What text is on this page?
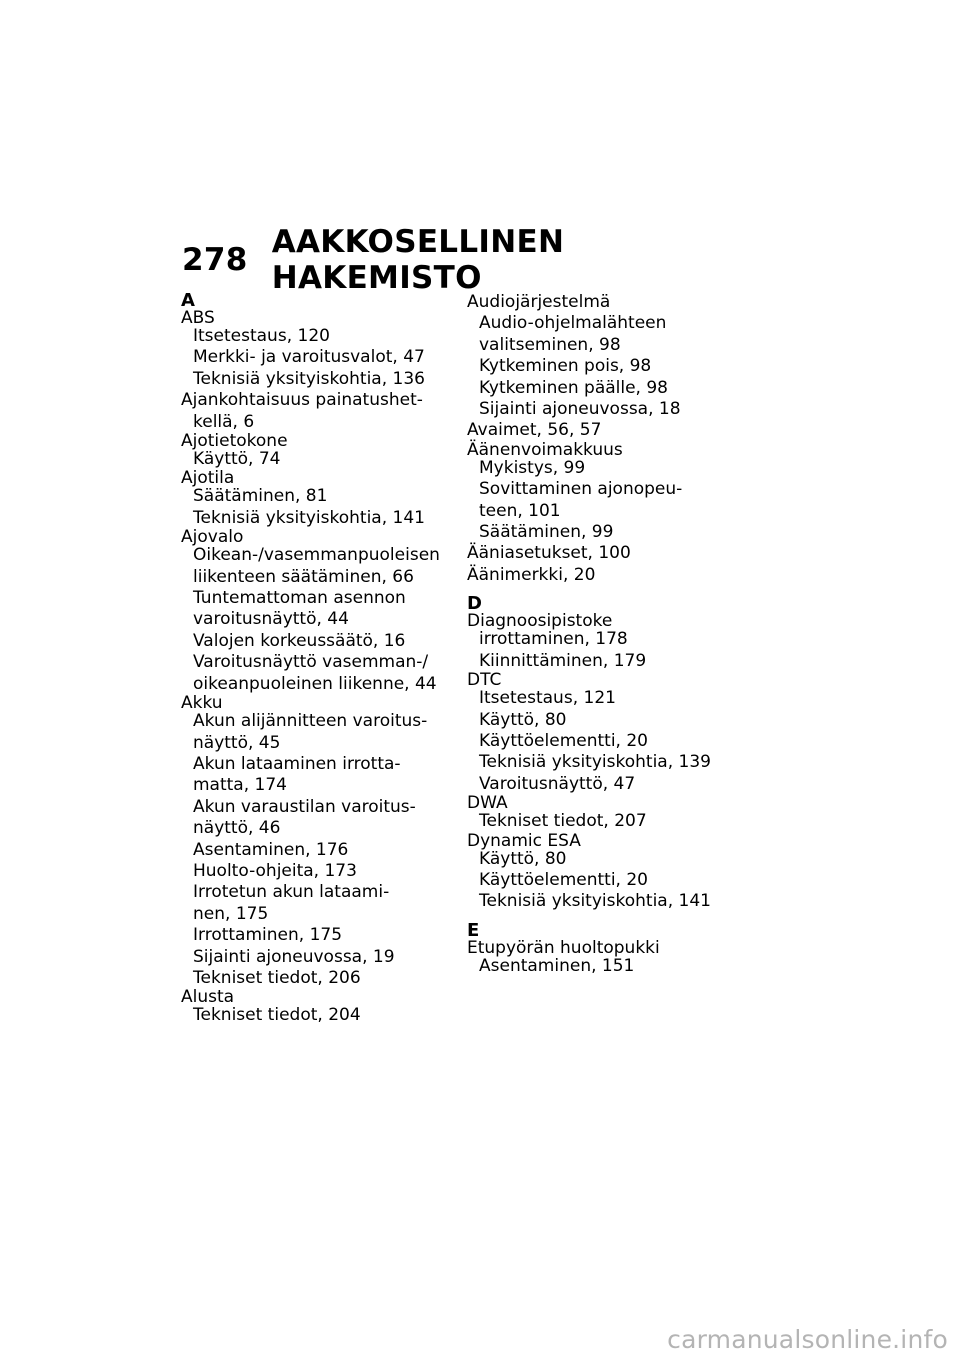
278 AAKKOSELLINEN HAKEMISTO
A
ABS
Itsetestaus, 120
Merkki- ja varoitusvalot, 47
Teknisiä yksityiskohtia, 136
Ajankohtaisuus painatushet-
kellä, 6
Ajotietokone
Käyttö, 74
Ajotila
Säätäminen, 81
Teknisiä yksityiskohtia, 141
Ajovalo
Oikean-/vasemmanpuoleisen
liikenteen säätäminen, 66
Tuntemattoman asennon
varoitusnäyttö, 44
Valojen korkeussäätö, 16
Varoitusnäyttö vasemman-/
oikeanpuoleinen liikenne, 44
Akku
Akun alijännitteen varoitus-
näyttö, 45
Akun lataaminen irrotta-
matta, 174
Akun varaustilan varoitus-
näyttö, 46
Asentaminen, 176
Huolto-ohjeita, 173
Irrotetun akun lataami-
nen, 175
Irrottaminen, 175
Sijainti ajoneuvossa, 19
Tekniset tiedot, 206
Alusta
Tekniset tiedot, 204
Audiojärjestelmä
Audio-ohjelmalähteen
valitseminen, 98
Kytkeminen pois, 98
Kytkeminen päälle, 98
Sijainti ajoneuvossa, 18
Avaimet, 56, 57
Äänenvoimakkuus
Mykistys, 99
Sovittaminen ajonopeu-
teen, 101
Säätäminen, 99
Ääniasetukset, 100
Äänimerkki, 20
D
Diagnoosipistoke
irrottaminen, 178
Kiinnittäminen, 179
DTC
Itsetestaus, 121
Käyttö, 80
Käyttöelementti, 20
Teknisiä yksityiskohtia, 139
Varoitusnäyttö, 47
DWA
Tekniset tiedot, 207
Dynamic ESA
Käyttö, 80
Käyttöelementti, 20
Teknisiä yksityiskohtia, 141
E
Etupyörän huoltopukki
Asentaminen, 151
carmanualsonline.info
